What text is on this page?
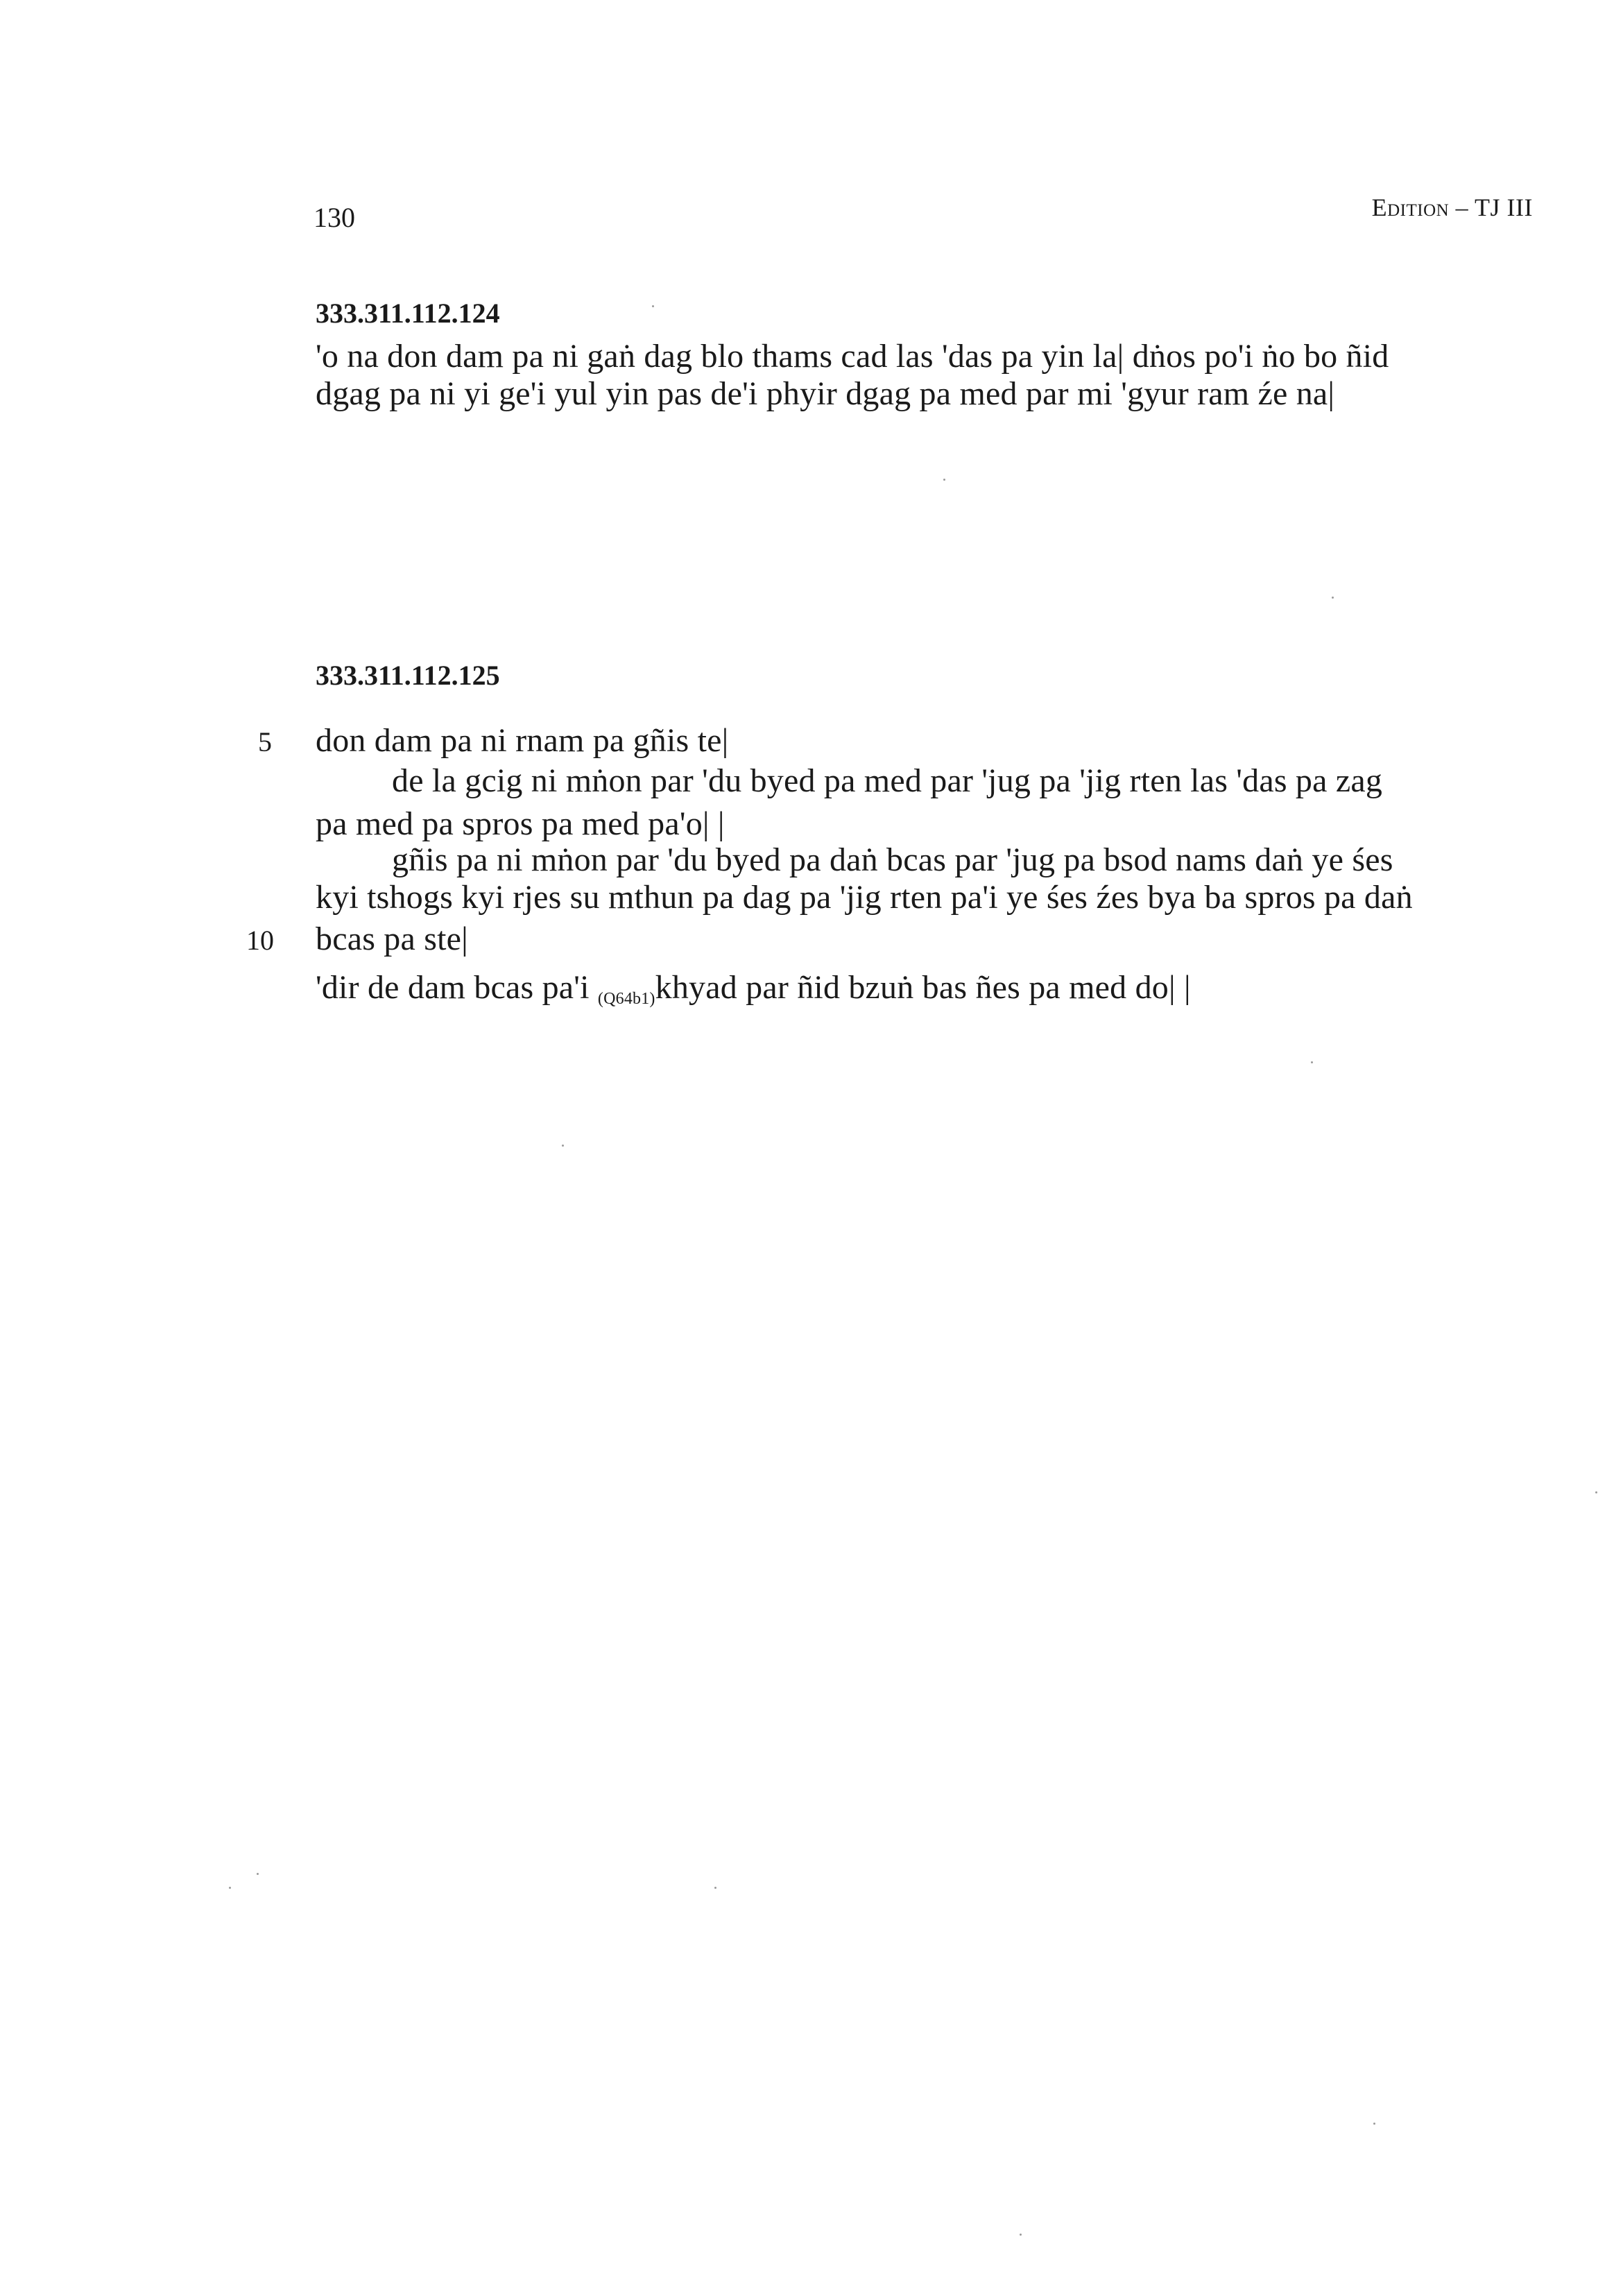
130	Edition – TJ III
333.311.112.124
'o na don dam pa ni gaṅ dag blo thams cad las 'das pa yin la| dṅos po'i ṅo bo ñid
dgag pa ni yi ge'i yul yin pas de'i phyir dgag pa med par mi 'gyur ram źe na|
333.311.112.125
5 don dam pa ni rnam pa gñis te|
de la gcig ni mṅon par 'du byed pa med par 'jug pa 'jig rten las 'das pa zag
pa med pa spros pa med pa'o| |
gñis pa ni mṅon par 'du byed pa daṅ bcas par 'jug pa bsod nams daṅ ye śes
kyi tshogs kyi rjes su mthun pa dag pa 'jig rten pa'i ye śes źes bya ba spros pa daṅ
10 bcas pa ste|
'dir de dam bcas pa'i $_{(Q64b1)}$khyad par ñid bzuṅ bas ñes pa med do| |
